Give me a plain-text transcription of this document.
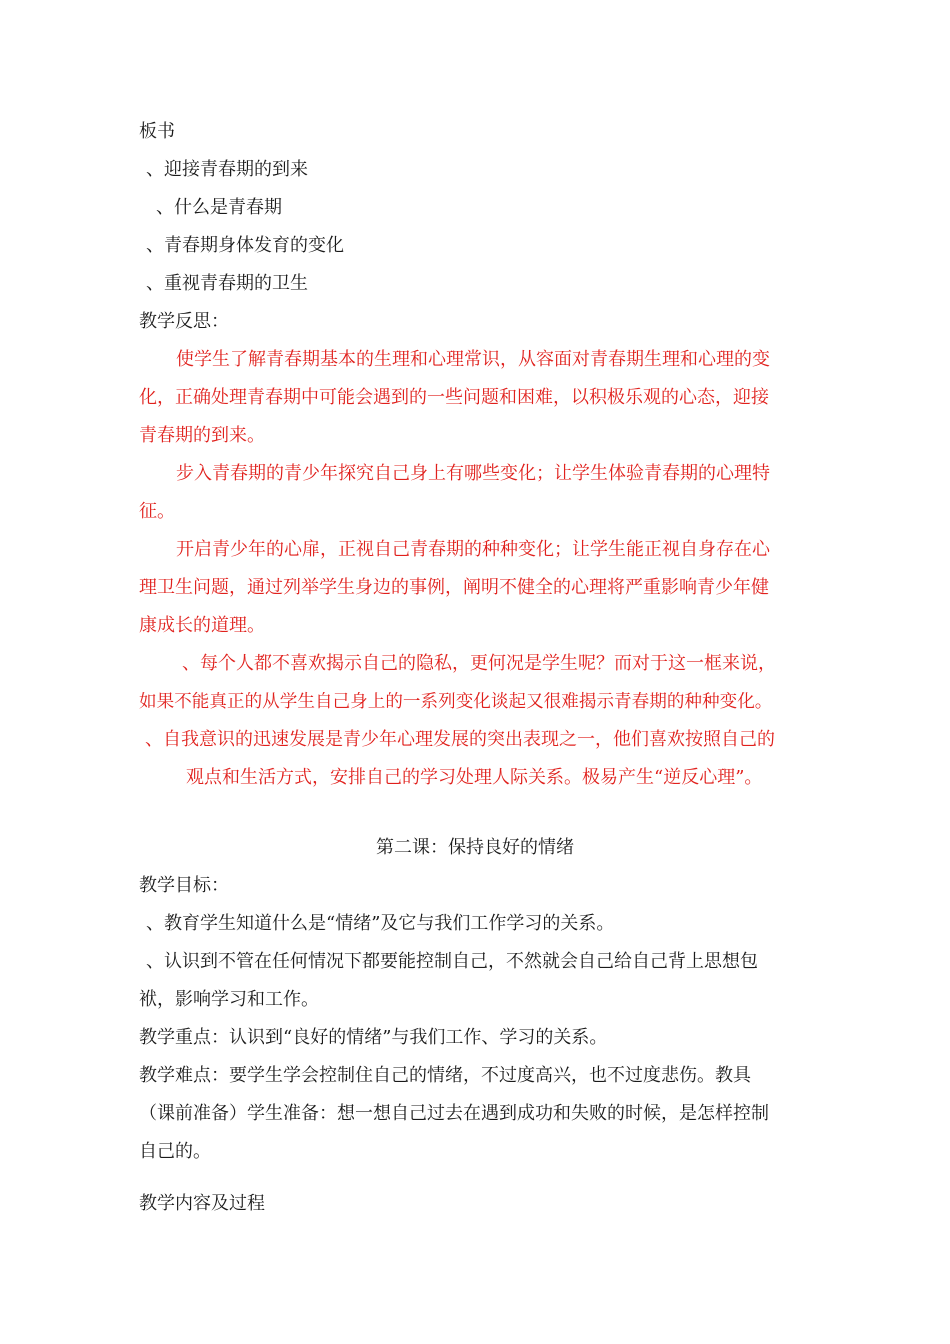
板书
、迎接青春期的到来
、什么是青春期
、青春期身体发育的变化
、重视青春期的卫生
教学反思：
使学生了解青春期基本的生理和心理常识，从容面对青春期生理和心理的变
化，正确处理青春期中可能会遇到的一些问题和困难，以积极乐观的心态，迎接
青春期的到来。
步入青春期的青少年探究自己身上有哪些变化；让学生体验青春期的心理特
征。
开启青少年的心扉，正视自己青春期的种种变化；让学生能正视自身存在心
理卫生问题，通过列举学生身边的事例，阐明不健全的心理将严重影响青少年健
康成长的道理。
、每个人都不喜欢揭示自己的隐私，更何况是学生呢？而对于这一框来说，
如果不能真正的从学生自己身上的一系列变化谈起又很难揭示青春期的种种变化。
、自我意识的迅速发展是青少年心理发展的突出表现之一，他们喜欢按照自己的
观点和生活方式，安排自己的学习处理人际关系。极易产生“逆反心理”。
第二课：保持良好的情绪
教学目标：
、教育学生知道什么是“情绪”及它与我们工作学习的关系。
、认识到不管在任何情况下都要能控制自己，不然就会自己给自己背上思想包
袱，影响学习和工作。
教学重点：认识到“良好的情绪”与我们工作、学习的关系。
教学难点：要学生学会控制住自己的情绪，不过度高兴，也不过度悲伤。教具
（课前准备）学生准备：想一想自己过去在遇到成功和失败的时候，是怎样控制
自己的。
教学内容及过程
